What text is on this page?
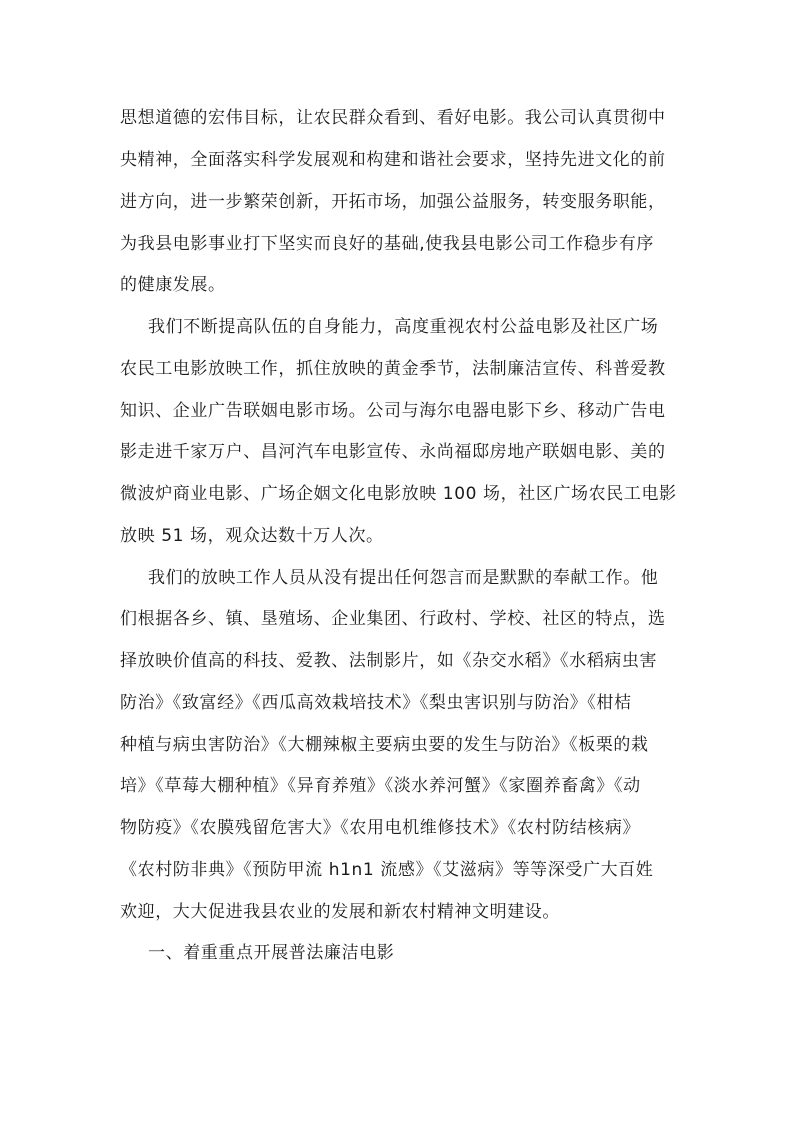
思想道德的宏伟目标，让农民群众看到、看好电影。我公司认真贯彻中

央精神，全面落实科学发展观和构建和谐社会要求，坚持先进文化的前

进方向，进一步繁荣创新，开拓市场，加强公益服务，转变服务职能，

为我县电影事业打下坚实而良好的基础,使我县电影公司工作稳步有序

的健康发展。

我们不断提高队伍的自身能力，高度重视农村公益电影及社区广场

农民工电影放映工作，抓住放映的黄金季节，法制廉洁宣传、科普爱教

知识、企业广告联姻电影市场。公司与海尔电器电影下乡、移动广告电

影走进千家万户、昌河汽车电影宣传、永尚福邸房地产联姻电影、美的

微波炉商业电影、广场企姻文化电影放映 100 场，社区广场农民工电影

放映 51 场，观众达数十万人次。

我们的放映工作人员从没有提出任何怨言而是默默的奉献工作。他

们根据各乡、镇、垦殖场、企业集团、行政村、学校、社区的特点，选

择放映价值高的科技、爱教、法制影片，如《杂交水稻》《水稻病虫害

防治》《致富经》《西瓜高效栽培技术》《梨虫害识别与防治》《柑桔

种植与病虫害防治》《大棚辣椒主要病虫要的发生与防治》《板栗的栽

培》《草莓大棚种植》《异育养殖》《淡水养河蟹》《家圈养畜禽》《动

物防疫》《农膜残留危害大》《农用电机维修技术》《农村防结核病》

《农村防非典》《预防甲流 h1n1 流感》《艾滋病》等等深受广大百姓

欢迎，大大促进我县农业的发展和新农村精神文明建设。

一、着重重点开展普法廉洁电影
